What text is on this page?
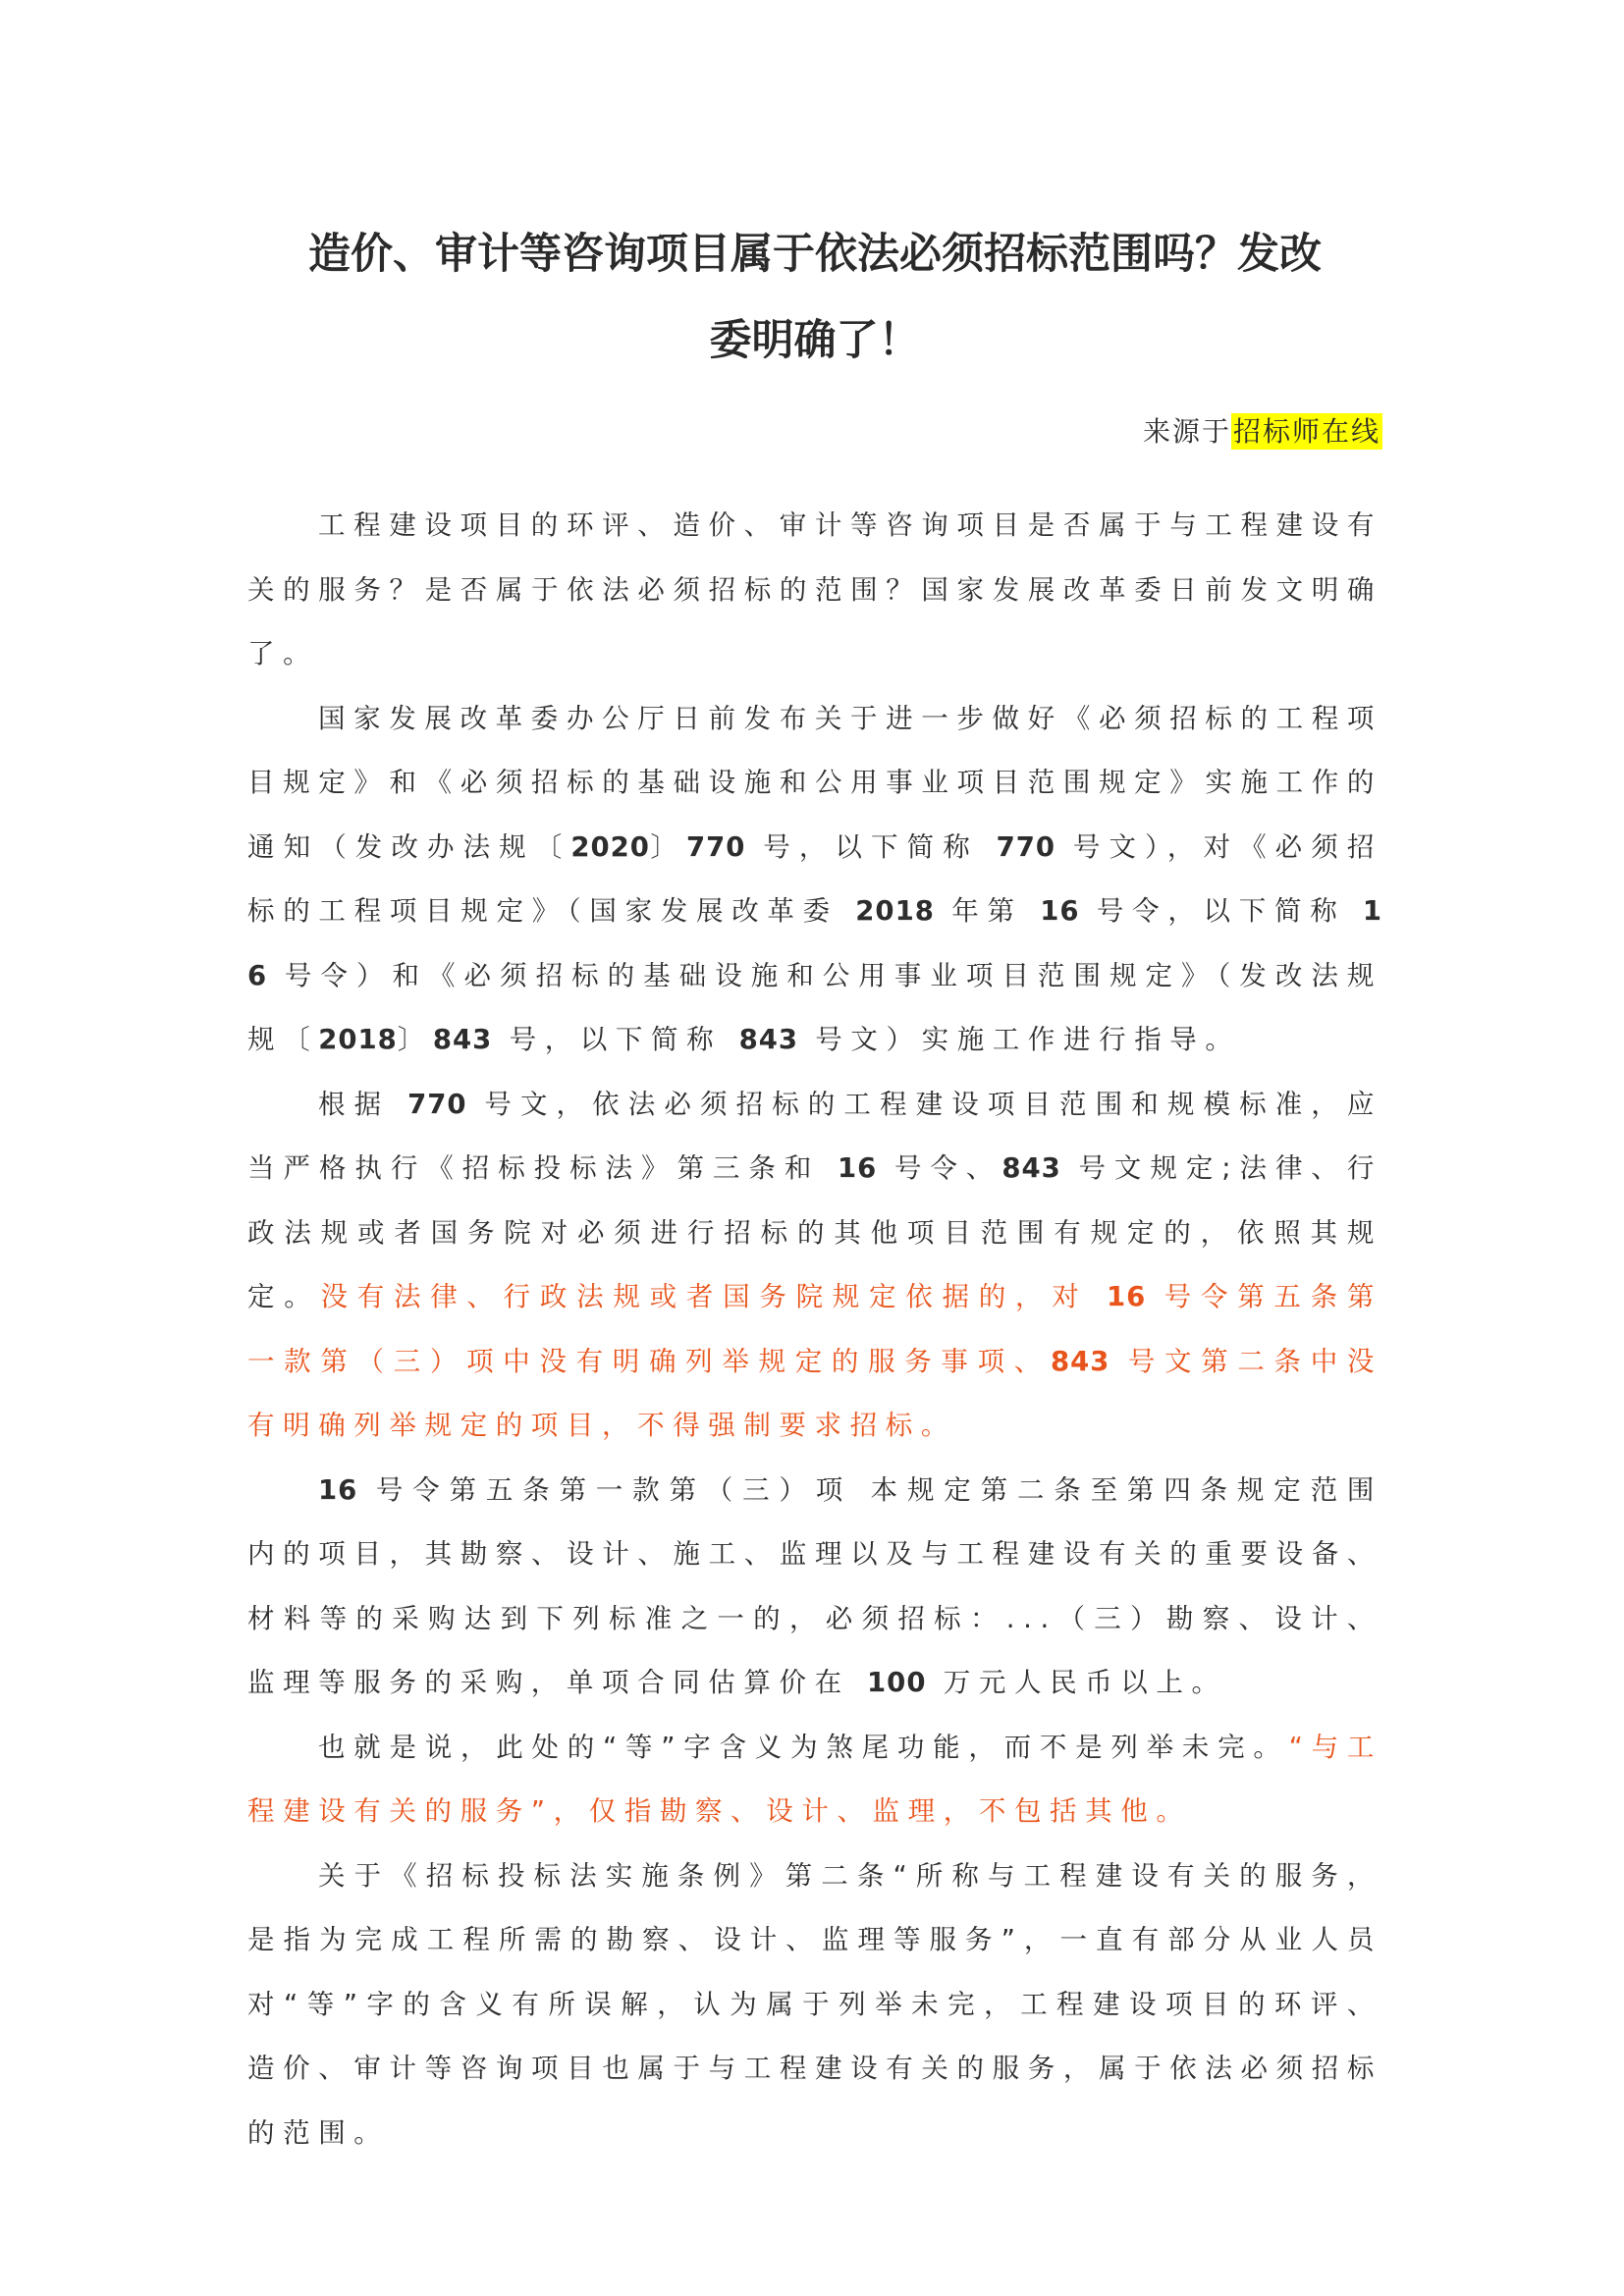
造价、审计等咨询项目属于依法必须招标范围吗？发改
委明确了！
来源于招标师在线

工程建设项目的环评、造价、审计等咨询项目是否属于与工程建设有关的服务？是否属于依法必须招标的范围？国家发展改革委日前发文明确了。

国家发展改革委办公厅日前发布关于进一步做好《必须招标的工程项目规定》和《必须招标的基础设施和公用事业项目范围规定》实施工作的通知（发改办法规〔2020〕770 号，以下简称 770 号文），对《必须招标的工程项目规定》（国家发展改革委 2018 年第 16 号令，以下简称 16 号令）和《必须招标的基础设施和公用事业项目范围规定》（发改法规规〔2018〕843 号，以下简称 843 号文）实施工作进行指导。

根据 770 号文，依法必须招标的工程建设项目范围和规模标准，应当严格执行《招标投标法》第三条和 16 号令、843 号文规定;法律、行政法规或者国务院对必须进行招标的其他项目范围有规定的，依照其规定。没有法律、行政法规或者国务院规定依据的，对 16 号令第五条第一款第（三）项中没有明确列举规定的服务事项、843 号文第二条中没有明确列举规定的项目，不得强制要求招标。

16 号令第五条第一款第（三）项 本规定第二条至第四条规定范围内的项目，其勘察、设计、施工、监理以及与工程建设有关的重要设备、材料等的采购达到下列标准之一的，必须招标：...（三）勘察、设计、监理等服务的采购，单项合同估算价在 100 万元人民币以上。

也就是说，此处的“等”字含义为煞尾功能，而不是列举未完。“与工程建设有关的服务”，仅指勘察、设计、监理，不包括其他。

关于《招标投标法实施条例》第二条“所称与工程建设有关的服务，是指为完成工程所需的勘察、设计、监理等服务”，一直有部分从业人员对“等”字的含义有所误解，认为属于列举未完，工程建设项目的环评、造价、审计等咨询项目也属于与工程建设有关的服务，属于依法必须招标的范围。
